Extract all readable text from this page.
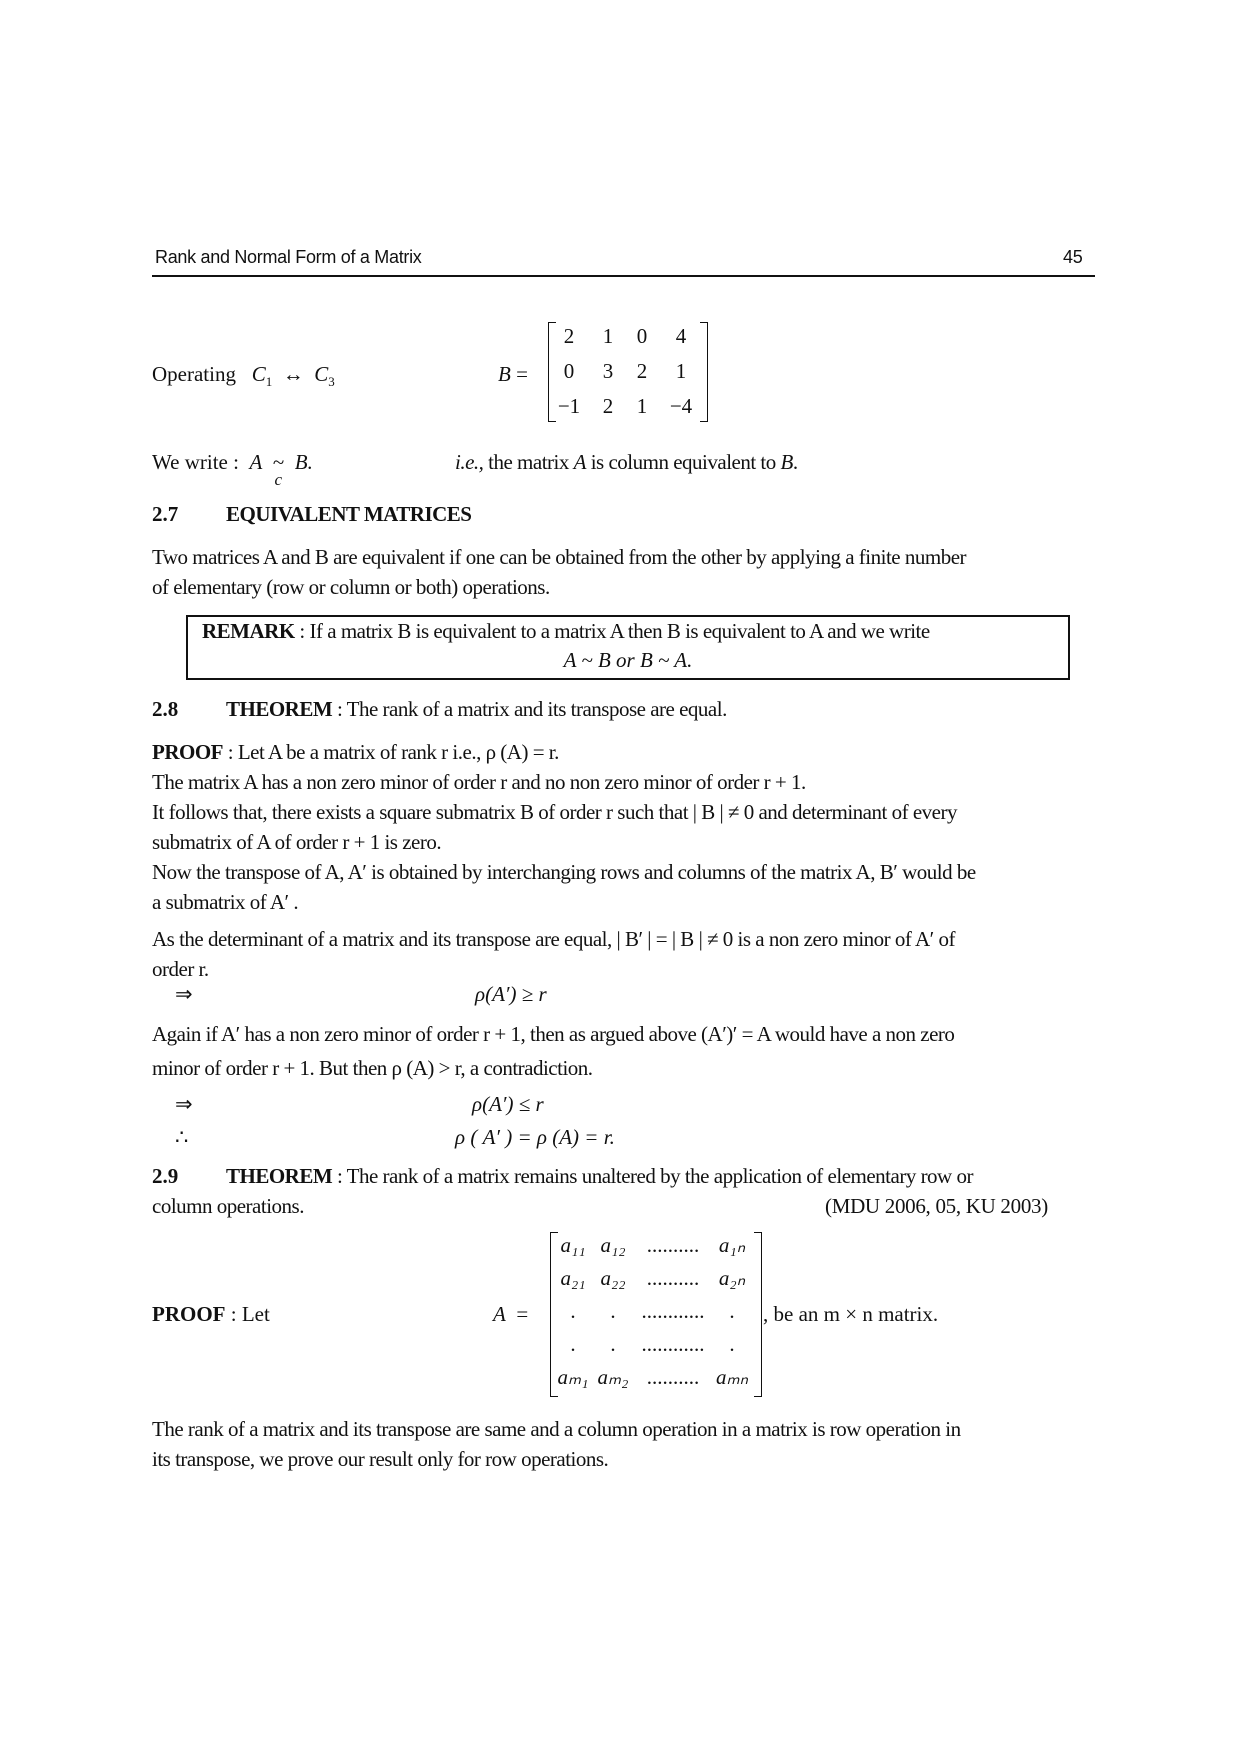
Rank and Normal Form of a Matrix	45
Operating $C_1$ ↔ $C_3$	B =
2	1	0	4
0	3	2	1
−1	2	1	−4
We write : A ~
c
B.	i.e., the matrix A is column equivalent to B.
2.7 EQUIVALENT MATRICES
Two matrices A and B are equivalent if one can be obtained from the other by applying a finite number
of elementary (row or column or both) operations.
REMARK : If a matrix B is equivalent to a matrix A then B is equivalent to A and we write
A ~ B or B ~ A.
2.8 THEOREM : The rank of a matrix and its transpose are equal.
PROOF : Let A be a matrix of rank r i.e., ρ (A) = r.
The matrix A has a non zero minor of order r and no non zero minor of order r + 1.
It follows that, there exists a square submatrix B of order r such that | B | ≠ 0 and determinant of every
submatrix of A of order r + 1 is zero.
Now the transpose of A, A′ is obtained by interchanging rows and columns of the matrix A, B′ would be
a submatrix of A′ .
As the determinant of a matrix and its transpose are equal, | B′ | = | B | ≠ 0 is a non zero minor of A′ of
order r.
⇒	ρ(A′) ≥ r
Again if A′ has a non zero minor of order r + 1, then as argued above (A′)′ = A would have a non zero
minor of order r + 1. But then ρ (A) > r, a contradiction.
⇒	ρ(A′) ≤ r
∴	ρ ( A′ ) = ρ (A) = r.
2.9 THEOREM : The rank of a matrix remains unaltered by the application of elementary row or
column operations.	(MDU 2006, 05, KU 2003)
PROOF : Let	A =
a₁₁ a₁₂	.......... a₁ₙ
a₂₁ a₂₂	.......... a₂ₙ
.	.	............	.
.	.	............	.
aₘ₁ aₘ₂ .......... aₘₙ
, be an m × n matrix.
The rank of a matrix and its transpose are same and a column operation in a matrix is row operation in
its transpose, we prove our result only for row operations.
